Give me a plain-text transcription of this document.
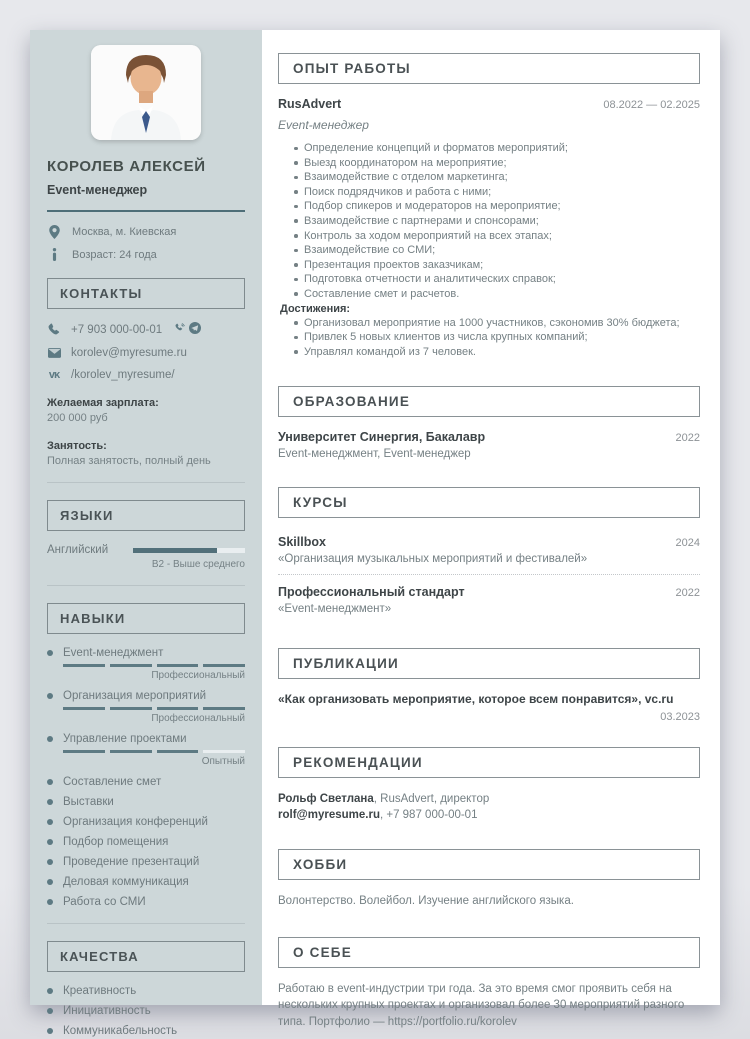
КОРОЛЕВ АЛЕКСЕЙ
Event-менеджер
Москва, м. Киевская
Возраст: 24 года
КОНТАКТЫ
+7 903 000-00-01
korolev@myresume.ru
ᴠᴋ /korolev_myresume/
Желаемая зарплата:
200 000 руб
Занятость:
Полная занятость, полный день
ЯЗЫКИ
Английский
B2 - Выше среднего
НАВЫКИ
Event-менеджмент
Профессиональный
Организация мероприятий
Профессиональный
Управление проектами
Опытный
Составление смет
Выставки
Организация конференций
Подбор помещения
Проведение презентаций
Деловая коммуникация
Работа со СМИ
КАЧЕСТВА
Креативность
Инициативность
Коммуникабельность
ОПЫТ РАБОТЫ
RusAdvert	08.2022 — 02.2025
Event-менеджер
Определение концепций и форматов мероприятий;
Выезд координатором на мероприятие;
Взаимодействие с отделом маркетинга;
Поиск подрядчиков и работа с ними;
Подбор спикеров и модераторов на мероприятие;
Взаимодействие с партнерами и спонсорами;
Контроль за ходом мероприятий на всех этапах;
Взаимодействие со СМИ;
Презентация проектов заказчикам;
Подготовка отчетности и аналитических справок;
Составление смет и расчетов.
Достижения:
Организовал мероприятие на 1000 участников, сэкономив 30% бюджета;
Привлек 5 новых клиентов из числа крупных компаний;
Управлял командой из 7 человек.
ОБРАЗОВАНИЕ
Университет Синергия, Бакалавр	2022
Event-менеджмент, Event-менеджер
КУРСЫ
Skillbox	2024
«Организация музыкальных мероприятий и фестивалей»
Профессиональный стандарт	2022
«Event-менеджмент»
ПУБЛИКАЦИИ
«Как организовать мероприятие, которое всем понравится», vc.ru
03.2023
РЕКОМЕНДАЦИИ
Рольф Светлана, RusAdvert, директор
rolf@myresume.ru, +7 987 000-00-01
ХОББИ
Волонтерство. Волейбол. Изучение английского языка.
О СЕБЕ
Работаю в event-индустрии три года. За это время смог проявить себя на нескольких крупных проектах и организовал более 30 мероприятий разного типа. Портфолио — https://portfolio.ru/korolev
